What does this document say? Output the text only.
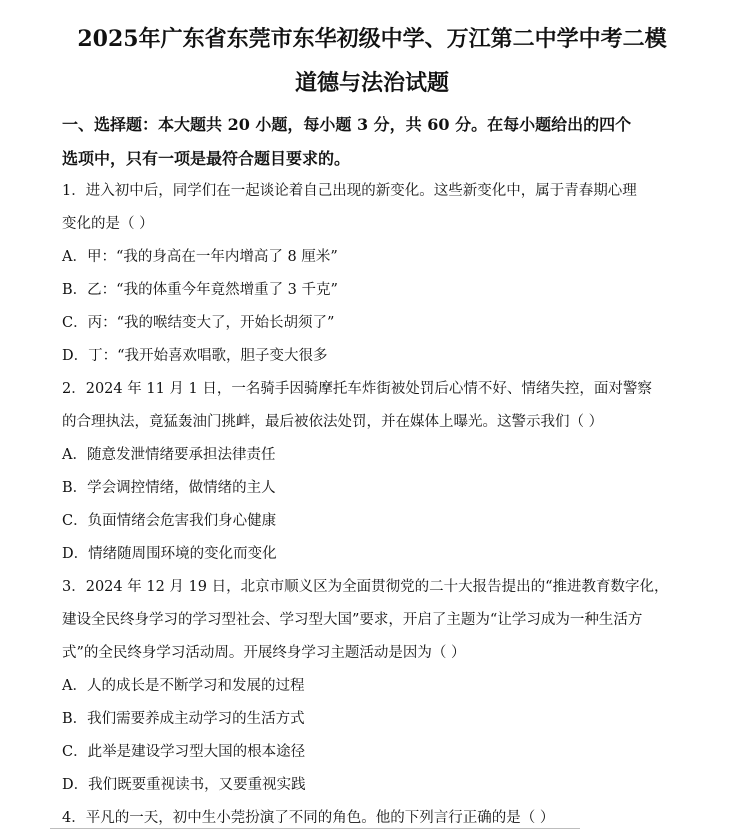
2025年广东省东莞市东华初级中学、万江第二中学中考二模
道德与法治试题
一、选择题：本大题共 20 小题，每小题 3 分，共 60 分。在每小题给出的四个
选项中，只有一项是最符合题目要求的。
1．进入初中后，同学们在一起谈论着自己出现的新变化。这些新变化中，属于青春期心理
变化的是（ ）
A．甲：“我的身高在一年内增高了 8 厘米”
B．乙：“我的体重今年竟然增重了 3 千克”
C．丙：“我的喉结变大了，开始长胡须了”
D．丁：“我开始喜欢唱歌，胆子变大很多
2．2024 年 11 月 1 日，一名骑手因骑摩托车炸街被处罚后心情不好、情绪失控，面对警察
的合理执法，竟猛轰油门挑衅，最后被依法处罚，并在媒体上曝光。这警示我们（ ）
A．随意发泄情绪要承担法律责任
B．学会调控情绪，做情绪的主人
C．负面情绪会危害我们身心健康
D．情绪随周围环境的变化而变化
3．2024 年 12 月 19 日，北京市顺义区为全面贯彻党的二十大报告提出的“推进教育数字化，
建设全民终身学习的学习型社会、学习型大国”要求，开启了主题为“让学习成为一种生活方
式”的全民终身学习活动周。开展终身学习主题活动是因为（ ）
A．人的成长是不断学习和发展的过程
B．我们需要养成主动学习的生活方式
C．此举是建设学习型大国的根本途径
D．我们既要重视读书，又要重视实践
4．平凡的一天，初中生小莞扮演了不同的角色。他的下列言行正确的是（ ）
